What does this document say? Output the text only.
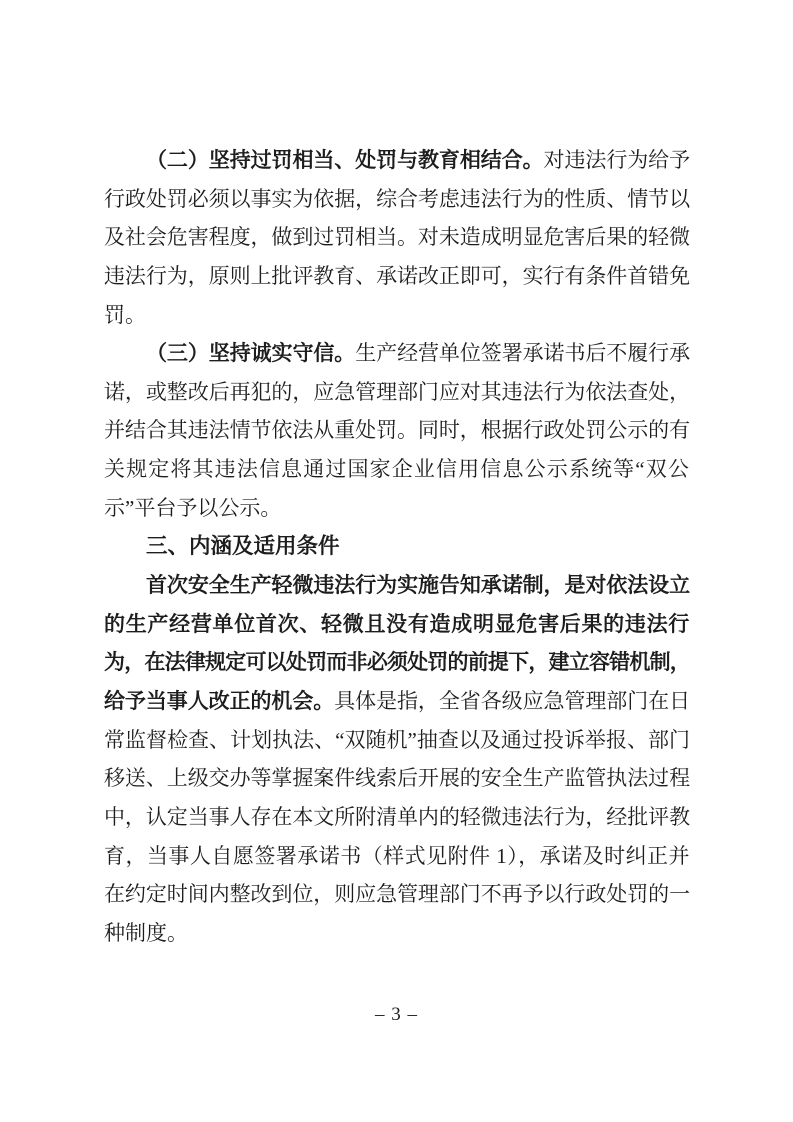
（二）坚持过罚相当、处罚与教育相结合。对违法行为给予
行政处罚必须以事实为依据，综合考虑违法行为的性质、情节以
及社会危害程度，做到过罚相当。对未造成明显危害后果的轻微
违法行为，原则上批评教育、承诺改正即可，实行有条件首错免
罚。
（三）坚持诚实守信。生产经营单位签署承诺书后不履行承
诺，或整改后再犯的，应急管理部门应对其违法行为依法查处，
并结合其违法情节依法从重处罚。同时，根据行政处罚公示的有
关规定将其违法信息通过国家企业信用信息公示系统等“双公
示”平台予以公示。
三、内涵及适用条件
首次安全生产轻微违法行为实施告知承诺制，是对依法设立
的生产经营单位首次、轻微且没有造成明显危害后果的违法行
为，在法律规定可以处罚而非必须处罚的前提下，建立容错机制，
给予当事人改正的机会。具体是指，全省各级应急管理部门在日
常监督检查、计划执法、“双随机”抽查以及通过投诉举报、部门
移送、上级交办等掌握案件线索后开展的安全生产监管执法过程
中，认定当事人存在本文所附清单内的轻微违法行为，经批评教
育，当事人自愿签署承诺书（样式见附件 1），承诺及时纠正并
在约定时间内整改到位，则应急管理部门不再予以行政处罚的一
种制度。
– 3 –
